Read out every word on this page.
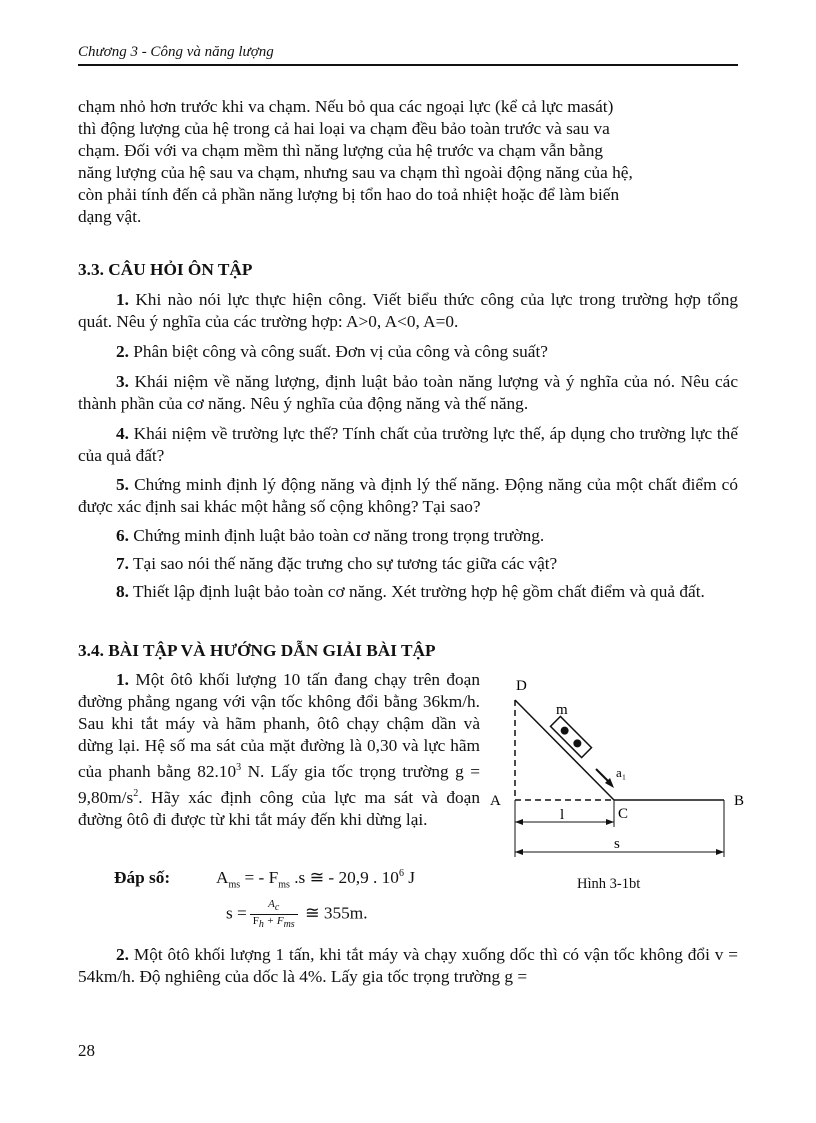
Chương 3 - Công và năng lượng
chạm nhỏ hơn trước khi va chạm. Nếu bỏ qua các ngoại lực (kể cả lực masát)
thì động lượng của hệ trong cả hai loại va chạm đều bảo toàn trước và sau va
chạm. Đối với va chạm mềm thì năng lượng của hệ trước va chạm vẫn bằng
năng lượng của hệ sau va chạm, nhưng sau va chạm thì ngoài động năng của hệ,
còn phải tính đến cả phần năng lượng bị tổn hao do toả nhiệt hoặc để làm biến
dạng vật.
3.3. CÂU HỎI ÔN TẬP
1. Khi nào nói lực thực hiện công. Viết biểu thức công của lực trong trường hợp tổng quát. Nêu ý nghĩa của các trường hợp: A>0, A<0, A=0.
2. Phân biệt công và công suất. Đơn vị của công và công suất?
3. Khái niệm về năng lượng, định luật bảo toàn năng lượng và ý nghĩa của nó. Nêu các thành phần của cơ năng. Nêu ý nghĩa của động năng và thế năng.
4. Khái niệm về trường lực thế? Tính chất của trường lực thế, áp dụng cho trường lực thế của quả đất?
5. Chứng minh định lý động năng và định lý thế năng. Động năng của một chất điểm có được xác định sai khác một hằng số cộng không? Tại sao?
6. Chứng minh định luật bảo toàn cơ năng trong trọng trường.
7. Tại sao nói thế năng đặc trưng cho sự tương tác giữa các vật?
8. Thiết lập định luật bảo toàn cơ năng. Xét trường hợp hệ gồm chất điểm và quả đất.
3.4. BÀI TẬP VÀ HƯỚNG DẪN GIẢI BÀI TẬP
1. Một ôtô khối lượng 10 tấn đang chạy trên đoạn đường phẳng ngang với vận tốc không đổi bằng 36km/h. Sau khi tắt máy và hãm phanh, ôtô chạy chậm dần và dừng lại. Hệ số ma sát của mặt đường là 0,30 và lực hãm của phanh bằng 82.10$^3$ N. Lấy gia tốc trọng trường $g = 9,80m/s^2$. Hãy xác định công của lực ma sát và đoạn đường ôtô đi được từ khi tắt máy đến khi dừng lại.
Đáp số:	$A_{ms}$ = - $F_{ms}$ .s ≅ - 20,9 . $10^6$ J
$s = \frac{A_c}{F_h + F_{ms}}$ ≅ 355m.
D
m
a₁
A	B
C
l
s
Hình 3-1bt
2. Một ôtô khối lượng 1 tấn, khi tắt máy và chạy xuống dốc thì có vận tốc không đổi v = 54km/h. Độ nghiêng của dốc là 4%. Lấy gia tốc trọng trường g =
28
